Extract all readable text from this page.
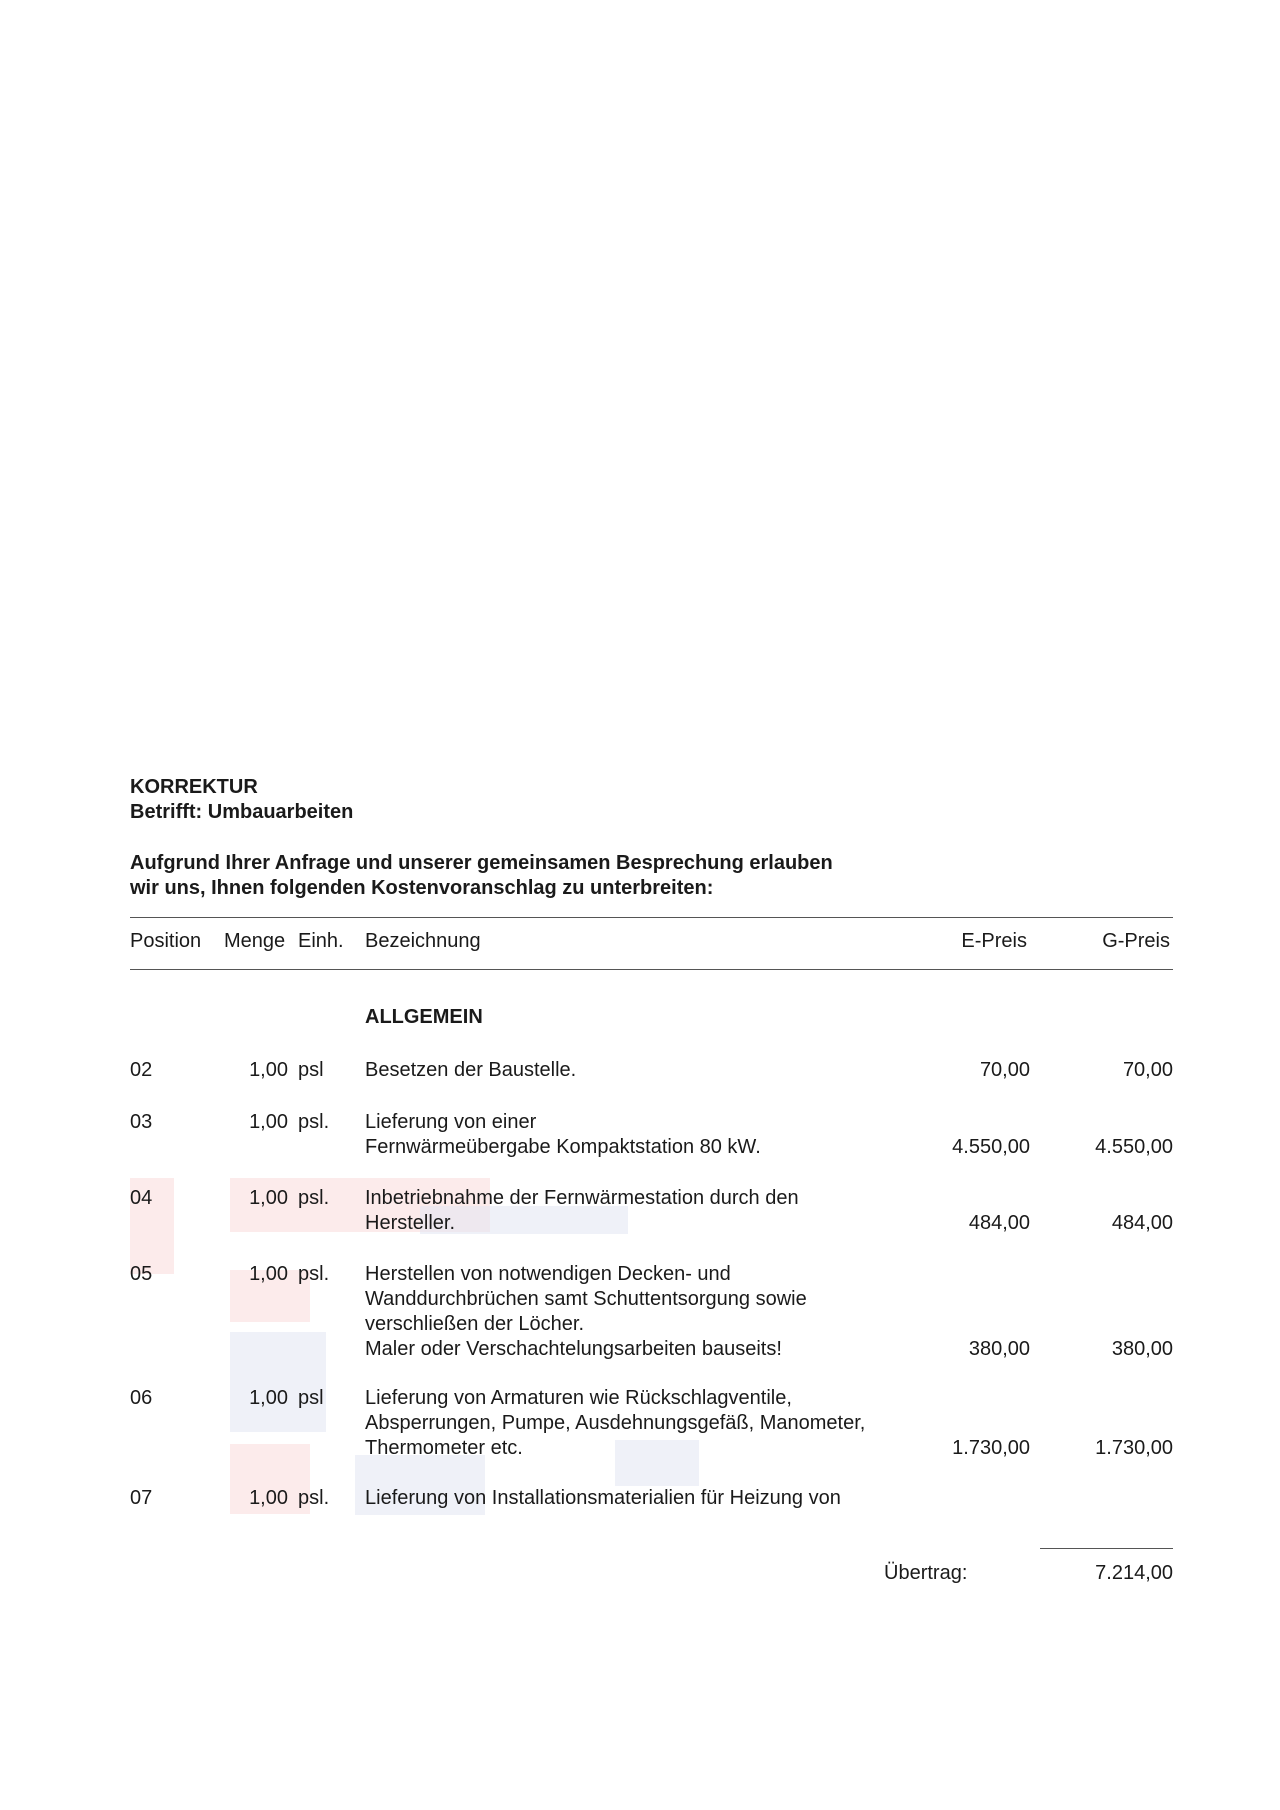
KORREKTUR
Betrifft: Umbauarbeiten
Aufgrund Ihrer Anfrage und unserer gemeinsamen Besprechung erlauben
wir uns, Ihnen folgenden Kostenvoranschlag zu unterbreiten:
Position Menge Einh. Bezeichnung	E-Preis	G-Preis
ALLGEMEIN
02	1,00 psl Besetzen der Baustelle.	70,00	70,00
03	1,00 psl. Lieferung von einer
Fernwärmeübergabe Kompaktstation 80 kW.	4.550,00	4.550,00
04	1,00 psl. Inbetriebnahme der Fernwärmestation durch den
Hersteller.	484,00	484,00
05	1,00 psl. Herstellen von notwendigen Decken- und
Wanddurchbrüchen samt Schuttentsorgung sowie
verschließen der Löcher.
Maler oder Verschachtelungsarbeiten bauseits!	380,00	380,00
06	1,00 psl Lieferung von Armaturen wie Rückschlagventile,
Absperrungen, Pumpe, Ausdehnungsgefäß, Manometer,
Thermometer etc.	1.730,00	1.730,00
07	1,00 psl. Lieferung von Installationsmaterialien für Heizung von
Übertrag:	7.214,00
